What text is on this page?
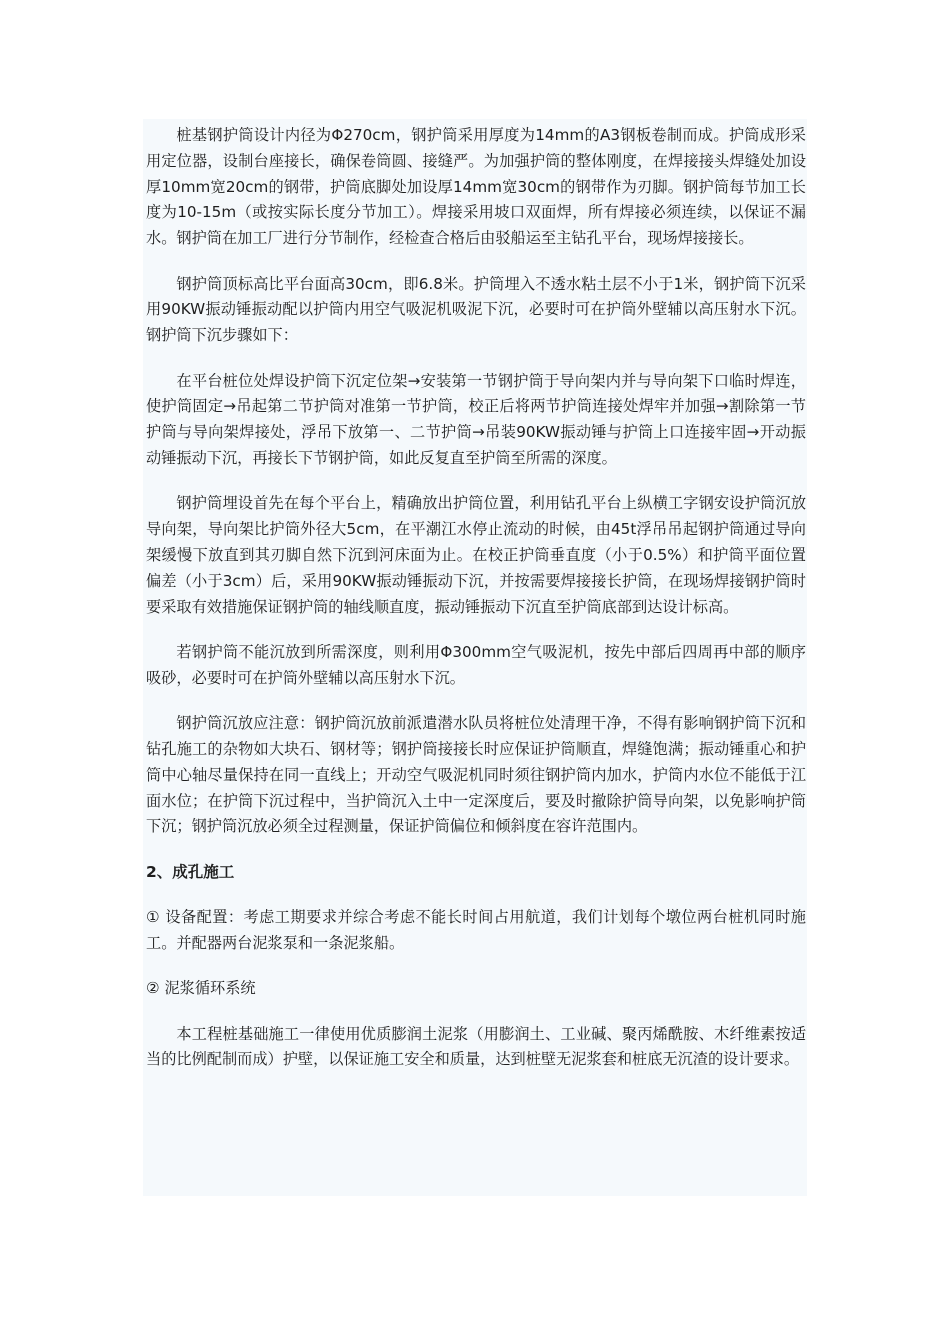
桩基钢护筒设计内径为Φ270cm，钢护筒采用厚度为14mm的A3钢板卷制而成。护筒成形采用定位器，设制台座接长，确保卷筒圆、接缝严。为加强护筒的整体刚度，在焊接接头焊缝处加设厚10mm宽20cm的钢带，护筒底脚处加设厚14mm宽30cm的钢带作为刃脚。钢护筒每节加工长度为10-15m（或按实际长度分节加工）。焊接采用坡口双面焊，所有焊接必须连续，以保证不漏水。钢护筒在加工厂进行分节制作，经检查合格后由驳船运至主钻孔平台，现场焊接接长。

钢护筒顶标高比平台面高30cm，即6.8米。护筒埋入不透水粘土层不小于1米，钢护筒下沉采用90KW振动锤振动配以护筒内用空气吸泥机吸泥下沉，必要时可在护筒外壁辅以高压射水下沉。钢护筒下沉步骤如下：

在平台桩位处焊设护筒下沉定位架→安装第一节钢护筒于导向架内并与导向架下口临时焊连，使护筒固定→吊起第二节护筒对准第一节护筒，校正后将两节护筒连接处焊牢并加强→割除第一节护筒与导向架焊接处，浮吊下放第一、二节护筒→吊装90KW振动锤与护筒上口连接牢固→开动振动锤振动下沉，再接长下节钢护筒，如此反复直至护筒至所需的深度。

钢护筒埋设首先在每个平台上，精确放出护筒位置，利用钻孔平台上纵横工字钢安设护筒沉放导向架，导向架比护筒外径大5cm，在平潮江水停止流动的时候，由45t浮吊吊起钢护筒通过导向架缓慢下放直到其刃脚自然下沉到河床面为止。在校正护筒垂直度（小于0.5%）和护筒平面位置偏差（小于3cm）后，采用90KW振动锤振动下沉，并按需要焊接接长护筒，在现场焊接钢护筒时要采取有效措施保证钢护筒的轴线顺直度，振动锤振动下沉直至护筒底部到达设计标高。

若钢护筒不能沉放到所需深度，则利用Φ300mm空气吸泥机，按先中部后四周再中部的顺序吸砂，必要时可在护筒外壁辅以高压射水下沉。

钢护筒沉放应注意：钢护筒沉放前派遣潜水队员将桩位处清理干净，不得有影响钢护筒下沉和钻孔施工的杂物如大块石、钢材等；钢护筒接接长时应保证护筒顺直，焊缝饱满；振动锤重心和护筒中心轴尽量保持在同一直线上；开动空气吸泥机同时须往钢护筒内加水，护筒内水位不能低于江面水位；在护筒下沉过程中，当护筒沉入土中一定深度后，要及时撤除护筒导向架，以免影响护筒下沉；钢护筒沉放必须全过程测量，保证护筒偏位和倾斜度在容许范围内。

2、成孔施工

① 设备配置：考虑工期要求并综合考虑不能长时间占用航道，我们计划每个墩位两台桩机同时施工。并配器两台泥浆泵和一条泥浆船。

② 泥浆循环系统

本工程桩基础施工一律使用优质膨润土泥浆（用膨润土、工业碱、聚丙烯酰胺、木纤维素按适当的比例配制而成）护壁，以保证施工安全和质量，达到桩壁无泥浆套和桩底无沉渣的设计要求。
